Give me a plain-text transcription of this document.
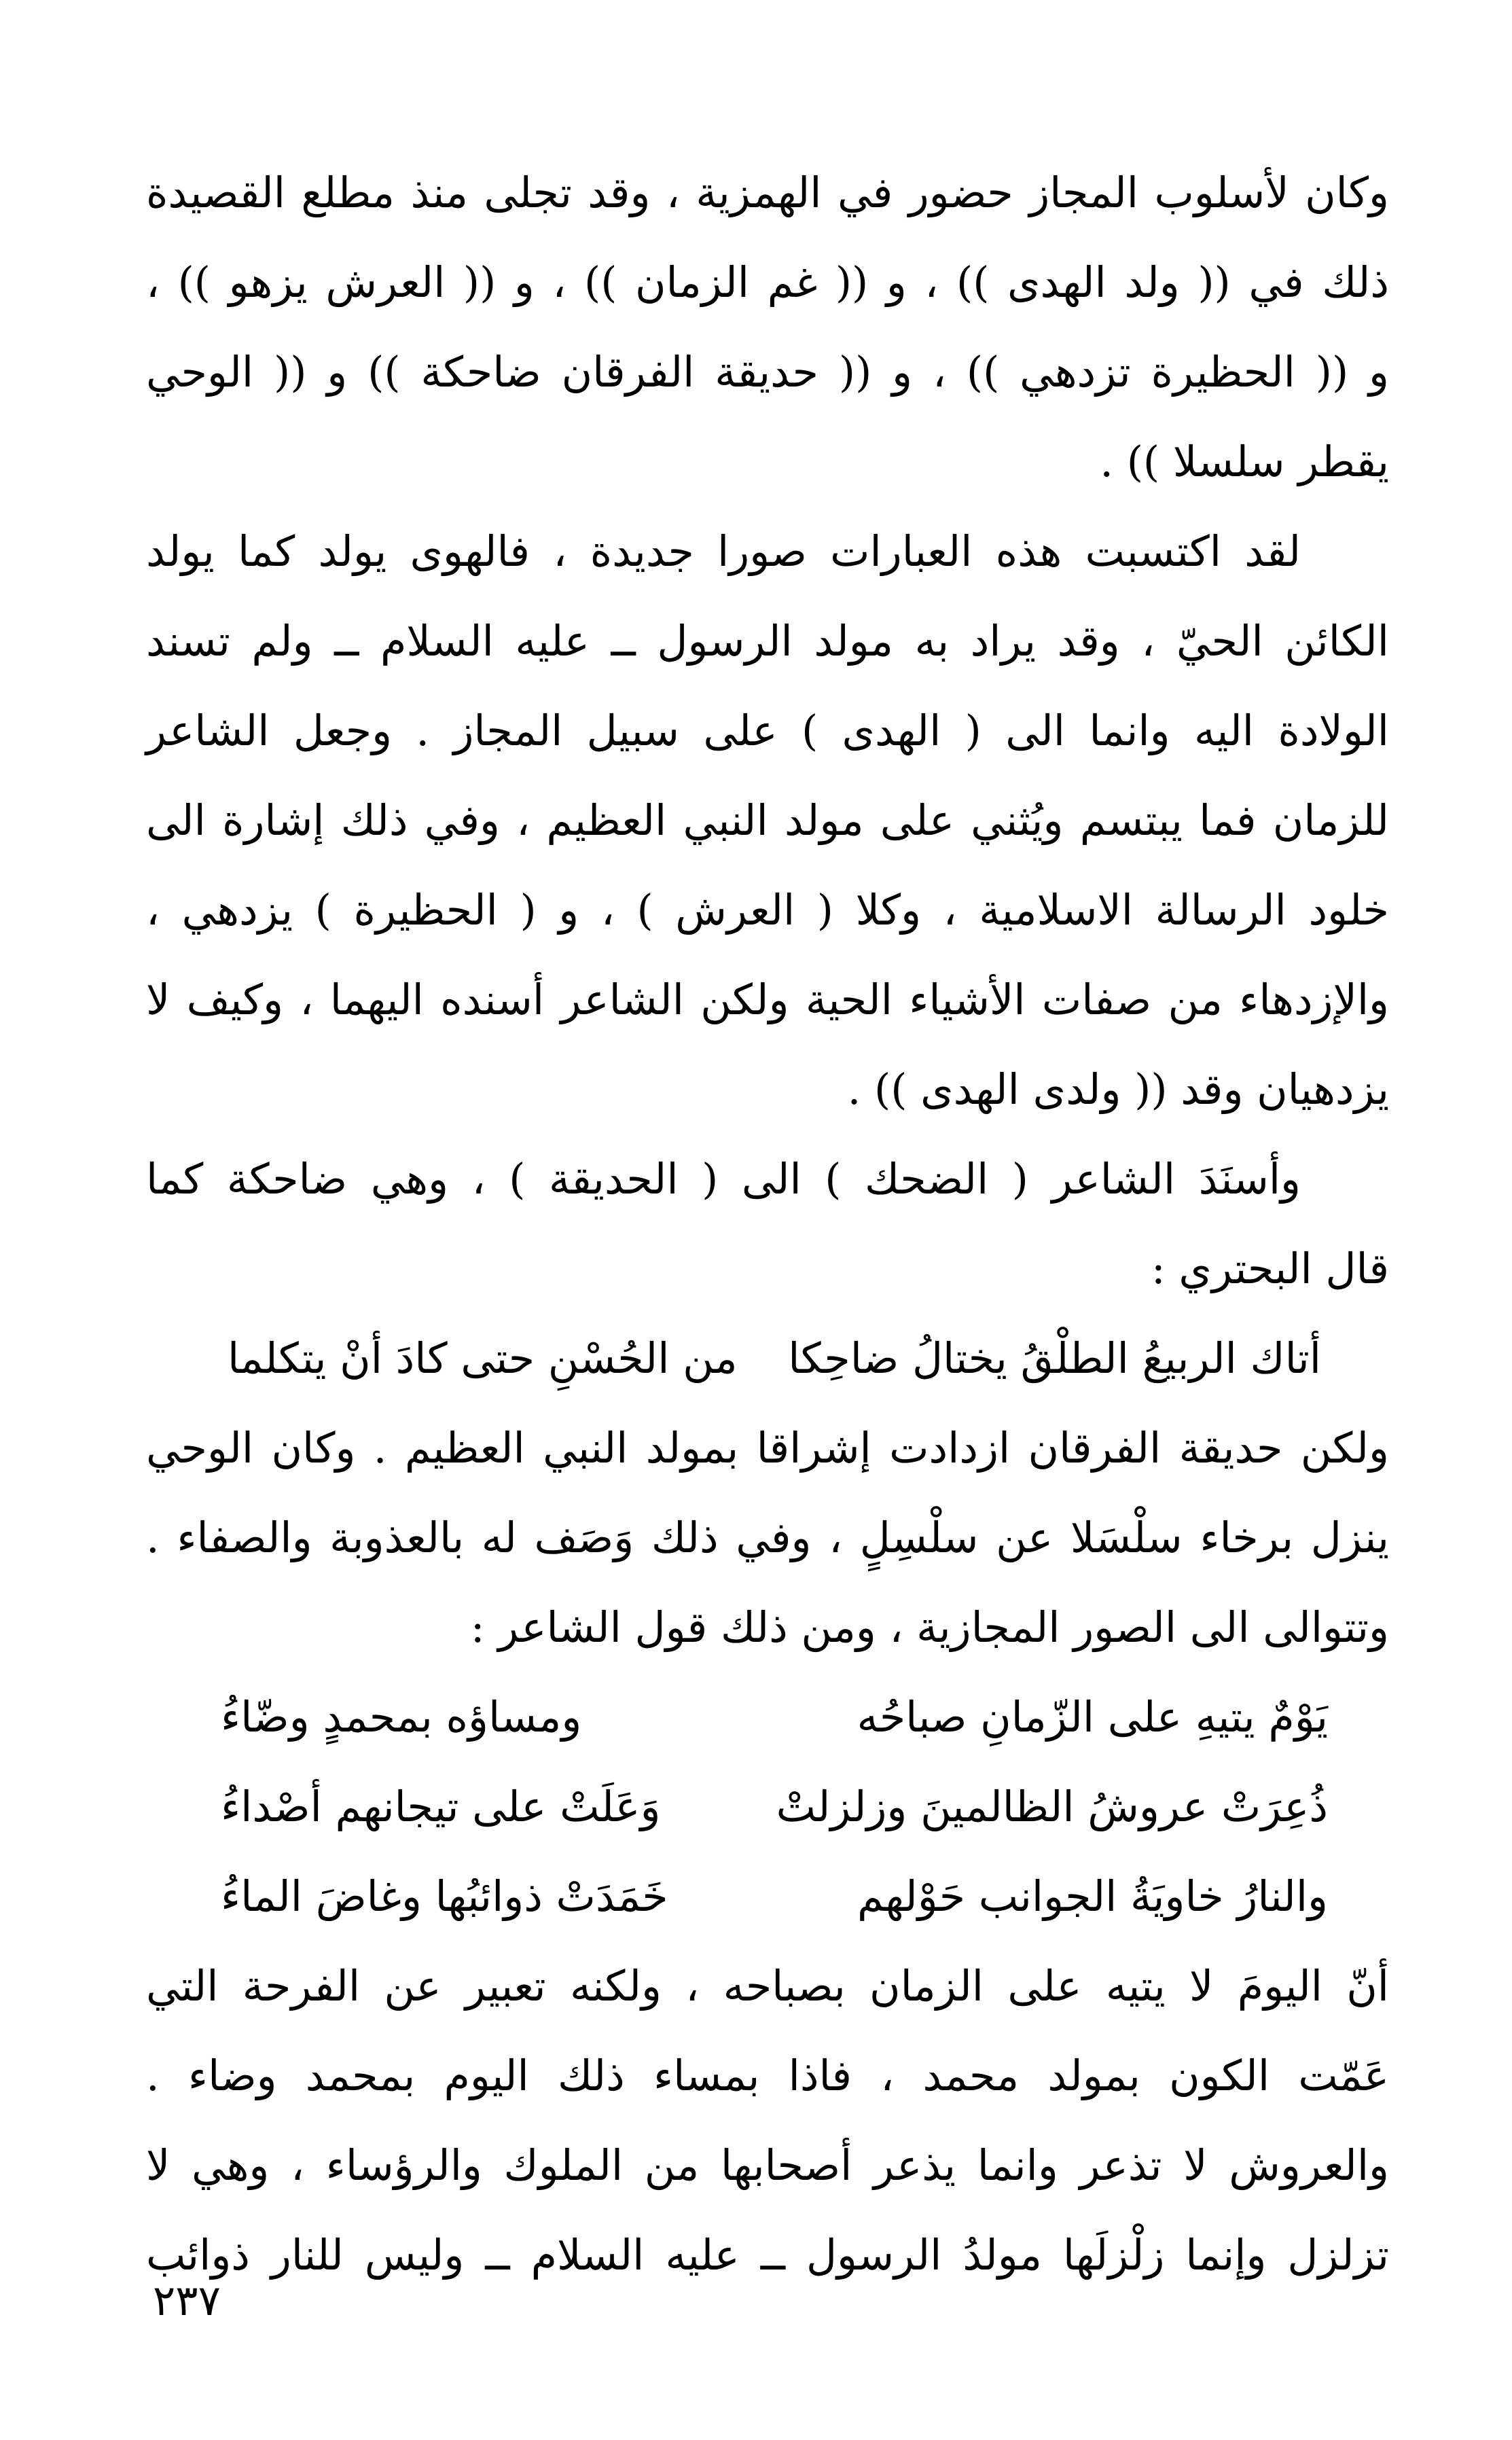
وكان لأسلوب المجاز حضور في الهمزية ، وقد تجلى منذ مطلع القصيدة
ذلك في (( ولد الهدى )) ، و (( غم الزمان )) ، و (( العرش يزهو )) ،
و (( الحظيرة تزدهي )) ، و (( حديقة الفرقان ضاحكة )) و (( الوحي
يقطر سلسلا )) .
لقد اكتسبت هذه العبارات صورا جديدة ، فالهوى يولد كما يولد
الكائن الحيّ ، وقد يراد به مولد الرسول ــ عليه السلام ــ ولم تسند
الولادة اليه وانما الى ( الهدى ) على سبيل المجاز . وجعل الشاعر
للزمان فما يبتسم ويُثني على مولد النبي العظيم ، وفي ذلك إشارة الى
خلود الرسالة الاسلامية ، وكلا ( العرش ) ، و ( الحظيرة ) يزدهي ،
والإزدهاء من صفات الأشياء الحية ولكن الشاعر أسنده اليهما ، وكيف لا
يزدهيان وقد (( ولدى الهدى )) .
وأسنَدَ الشاعر ( الضحك ) الى ( الحديقة ) ، وهي ضاحكة كما
قال البحتري :
أتاك الربيعُ الطلْقُ يختالُ ضاحِكا
من الحُسْنِ حتى كادَ أنْ يتكلما
ولكن حديقة الفرقان ازدادت إشراقا بمولد النبي العظيم . وكان الوحي
ينزل برخاء سلْسَلا عن سلْسِلٍ ، وفي ذلك وَصَف له بالعذوبة والصفاء .
وتتوالى الى الصور المجازية ، ومن ذلك قول الشاعر :
يَوْمٌ يتيهِ على الزّمانِ صباحُه
ومساؤه بمحمدٍ وضّاءُ
ذُعِرَتْ عروشُ الظالمينَ وزلزلتْ
وَعَلَتْ على تيجانهم أصْداءُ
والنارُ خاويَةُ الجوانب حَوْلهم
خَمَدَتْ ذوائبُها وغاضَ الماءُ
أنّ اليومَ لا يتيه على الزمان بصباحه ، ولكنه تعبير عن الفرحة التي
عَمّت الكون بمولد محمد ، فاذا بمساء ذلك اليوم بمحمد وضاء .
والعروش لا تذعر وانما يذعر أصحابها من الملوك والرؤساء ، وهي لا
تزلزل وإنما زلْزلَها مولدُ الرسول ــ عليه السلام ــ وليس للنار ذوائب
٢٣٧
